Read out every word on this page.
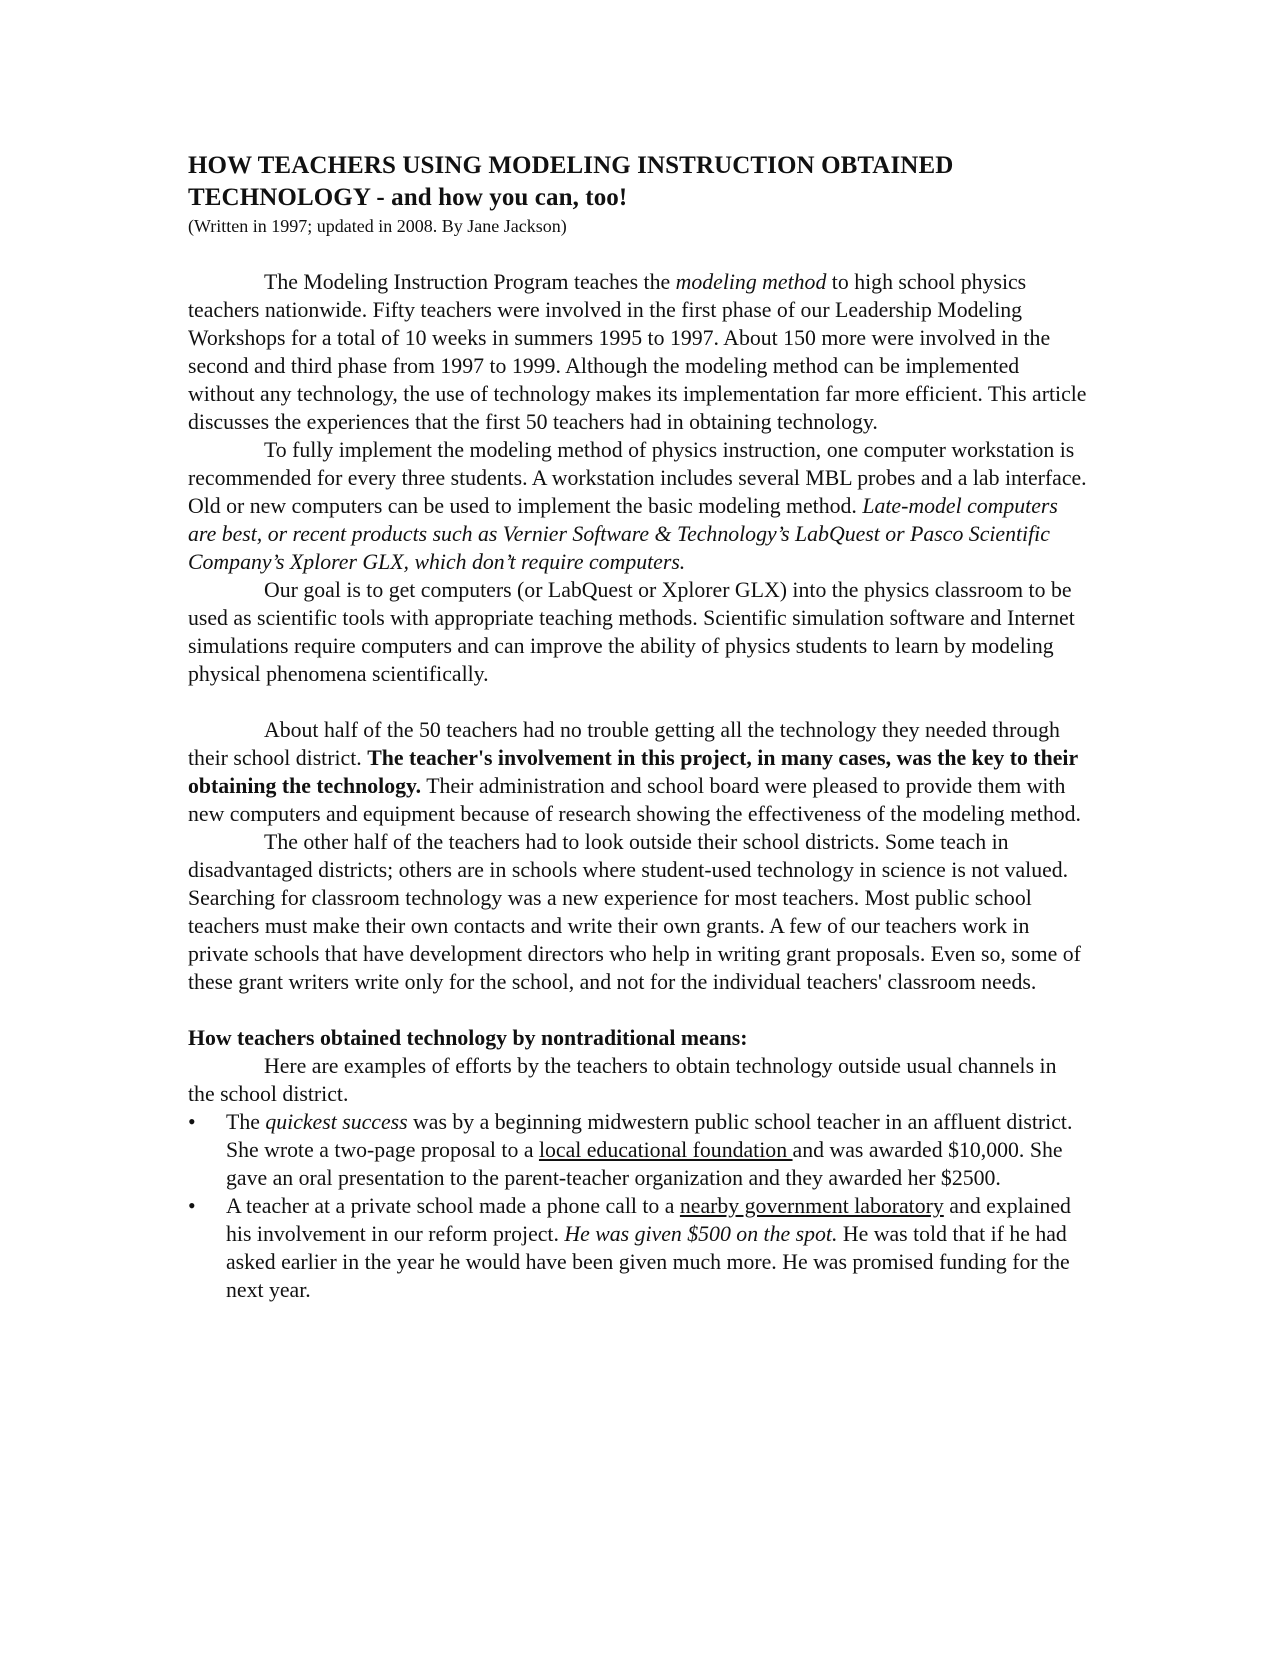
HOW TEACHERS USING MODELING INSTRUCTION OBTAINED TECHNOLOGY - and how you can, too!
(Written in 1997; updated in 2008. By Jane Jackson)

The Modeling Instruction Program teaches the modeling method to high school physics teachers nationwide. Fifty teachers were involved in the first phase of our Leadership Modeling Workshops for a total of 10 weeks in summers 1995 to 1997. About 150 more were involved in the second and third phase from 1997 to 1999. Although the modeling method can be implemented without any technology, the use of technology makes its implementation far more efficient. This article discusses the experiences that the first 50 teachers had in obtaining technology.

To fully implement the modeling method of physics instruction, one computer workstation is recommended for every three students. A workstation includes several MBL probes and a lab interface. Old or new computers can be used to implement the basic modeling method. Late-model computers are best, or recent products such as Vernier Software & Technology’s LabQuest or Pasco Scientific Company’s Xplorer GLX, which don’t require computers.

Our goal is to get computers (or LabQuest or Xplorer GLX) into the physics classroom to be used as scientific tools with appropriate teaching methods. Scientific simulation software and Internet simulations require computers and can improve the ability of physics students to learn by modeling physical phenomena scientifically.

About half of the 50 teachers had no trouble getting all the technology they needed through their school district. The teacher's involvement in this project, in many cases, was the key to their obtaining the technology. Their administration and school board were pleased to provide them with new computers and equipment because of research showing the effectiveness of the modeling method.

The other half of the teachers had to look outside their school districts. Some teach in disadvantaged districts; others are in schools where student-used technology in science is not valued. Searching for classroom technology was a new experience for most teachers. Most public school teachers must make their own contacts and write their own grants. A few of our teachers work in private schools that have development directors who help in writing grant proposals. Even so, some of these grant writers write only for the school, and not for the individual teachers' classroom needs.

How teachers obtained technology by nontraditional means:

Here are examples of efforts by the teachers to obtain technology outside usual channels in the school district.

• The quickest success was by a beginning midwestern public school teacher in an affluent district. She wrote a two-page proposal to a local educational foundation and was awarded $10,000. She gave an oral presentation to the parent-teacher organization and they awarded her $2500.
• A teacher at a private school made a phone call to a nearby government laboratory and explained his involvement in our reform project. He was given $500 on the spot. He was told that if he had asked earlier in the year he would have been given much more. He was promised funding for the next year.
